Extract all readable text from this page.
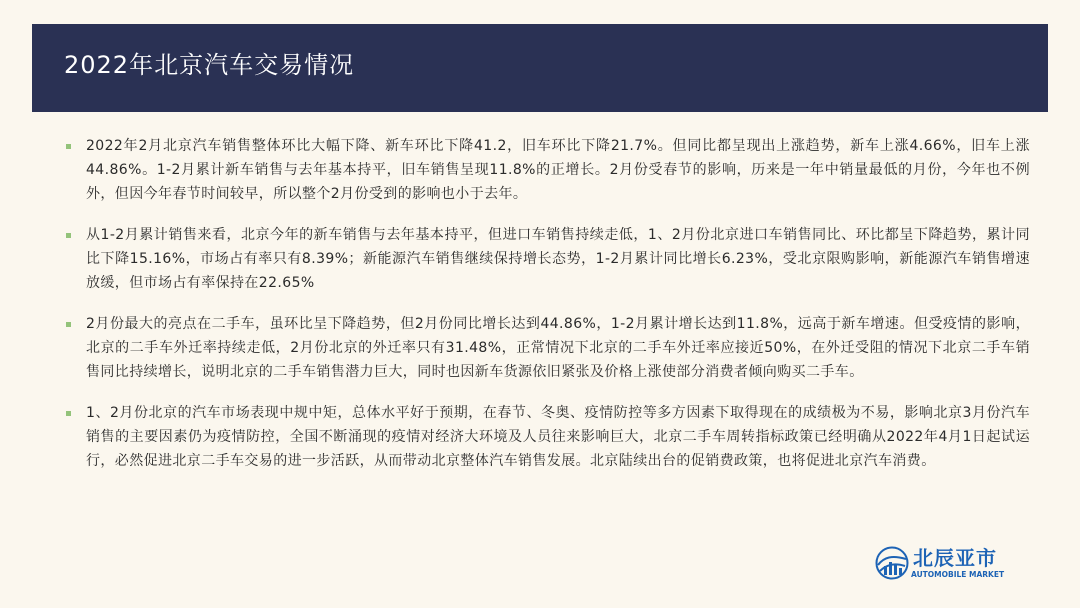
2022年北京汽车交易情况
2022年2月北京汽车销售整体环比大幅下降、新车环比下降41.2，旧车环比下降21.7%。但同比都呈现出上涨趋势，新车上涨4.66%，旧车上涨44.86%。1-2月累计新车销售与去年基本持平，旧车销售呈现11.8%的正增长。2月份受春节的影响，历来是一年中销量最低的月份，今年也不例外，但因今年春节时间较早，所以整个2月份受到的影响也小于去年。
从1-2月累计销售来看，北京今年的新车销售与去年基本持平，但进口车销售持续走低，1、2月份北京进口车销售同比、环比都呈下降趋势，累计同比下降15.16%，市场占有率只有8.39%；新能源汽车销售继续保持增长态势，1-2月累计同比增长6.23%，受北京限购影响，新能源汽车销售增速放缓，但市场占有率保持在22.65%
2月份最大的亮点在二手车，虽环比呈下降趋势，但2月份同比增长达到44.86%，1-2月累计增长达到11.8%，远高于新车增速。但受疫情的影响，北京的二手车外迁率持续走低，2月份北京的外迁率只有31.48%，正常情况下北京的二手车外迁率应接近50%，在外迁受阻的情况下北京二手车销售同比持续增长，说明北京的二手车销售潜力巨大，同时也因新车货源依旧紧张及价格上涨使部分消费者倾向购买二手车。
1、2月份北京的汽车市场表现中规中矩，总体水平好于预期，在春节、冬奥、疫情防控等多方因素下取得现在的成绩极为不易，影响北京3月份汽车销售的主要因素仍为疫情防控，全国不断涌现的疫情对经济大环境及人员往来影响巨大，北京二手车周转指标政策已经明确从2022年4月1日起试运行，必然促进北京二手车交易的进一步活跃，从而带动北京整体汽车销售发展。北京陆续出台的促销费政策，也将促进北京汽车消费。
北辰亚市
AUTOMOBILE MARKET
